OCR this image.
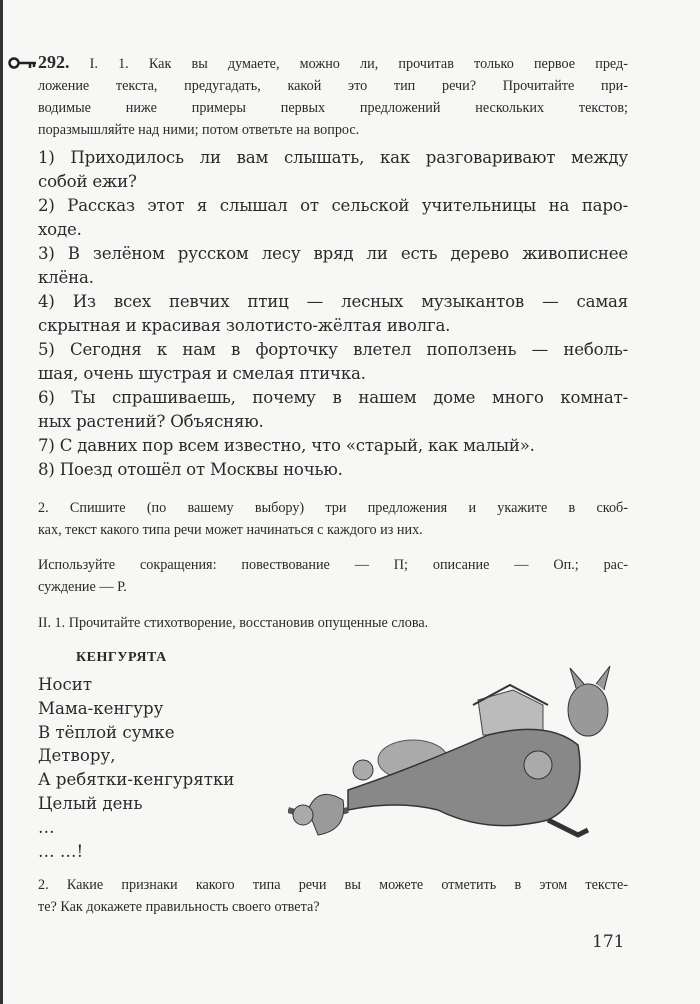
292. I. 1. Как вы думаете, можно ли, прочитав только первое пред-
ложение текста, предугадать, какой это тип речи? Прочитайте при-
водимые ниже примеры первых предложений нескольких текстов;
поразмышляйте над ними; потом ответьте на вопрос.
1) Приходилось ли вам слышать, как разговаривают между
собой ежи?
2) Рассказ этот я слышал от сельской учительницы на паро-
ходе.
3) В зелёном русском лесу вряд ли есть дерево живописнее
клёна.
4) Из всех певчих птиц — лесных музыкантов — самая
скрытная и красивая золотисто-жёлтая иволга.
5) Сегодня к нам в форточку влетел поползень — неболь-
шая, очень шустрая и смелая птичка.
6) Ты спрашиваешь, почему в нашем доме много комнат-
ных растений? Объясняю.
7) С давних пор всем известно, что «старый, как малый».
8) Поезд отошёл от Москвы ночью.
2. Спишите (по вашему выбору) три предложения и укажите в скоб-
ках, текст какого типа речи может начинаться с каждого из них.
Используйте сокращения: повествование — П; описание — Оп.; рас-
суждение — Р.
II. 1. Прочитайте стихотворение, восстановив опущенные слова.
КЕНГУРЯТА
Носит
Мама-кенгуру
В тёплой сумке
Детвору,
А ребятки-кенгурятки
Целый день
…
… …!
2. Какие признаки какого типа речи вы можете отметить в этом тексте-
те? Как докажете правильность своего ответа?
171
